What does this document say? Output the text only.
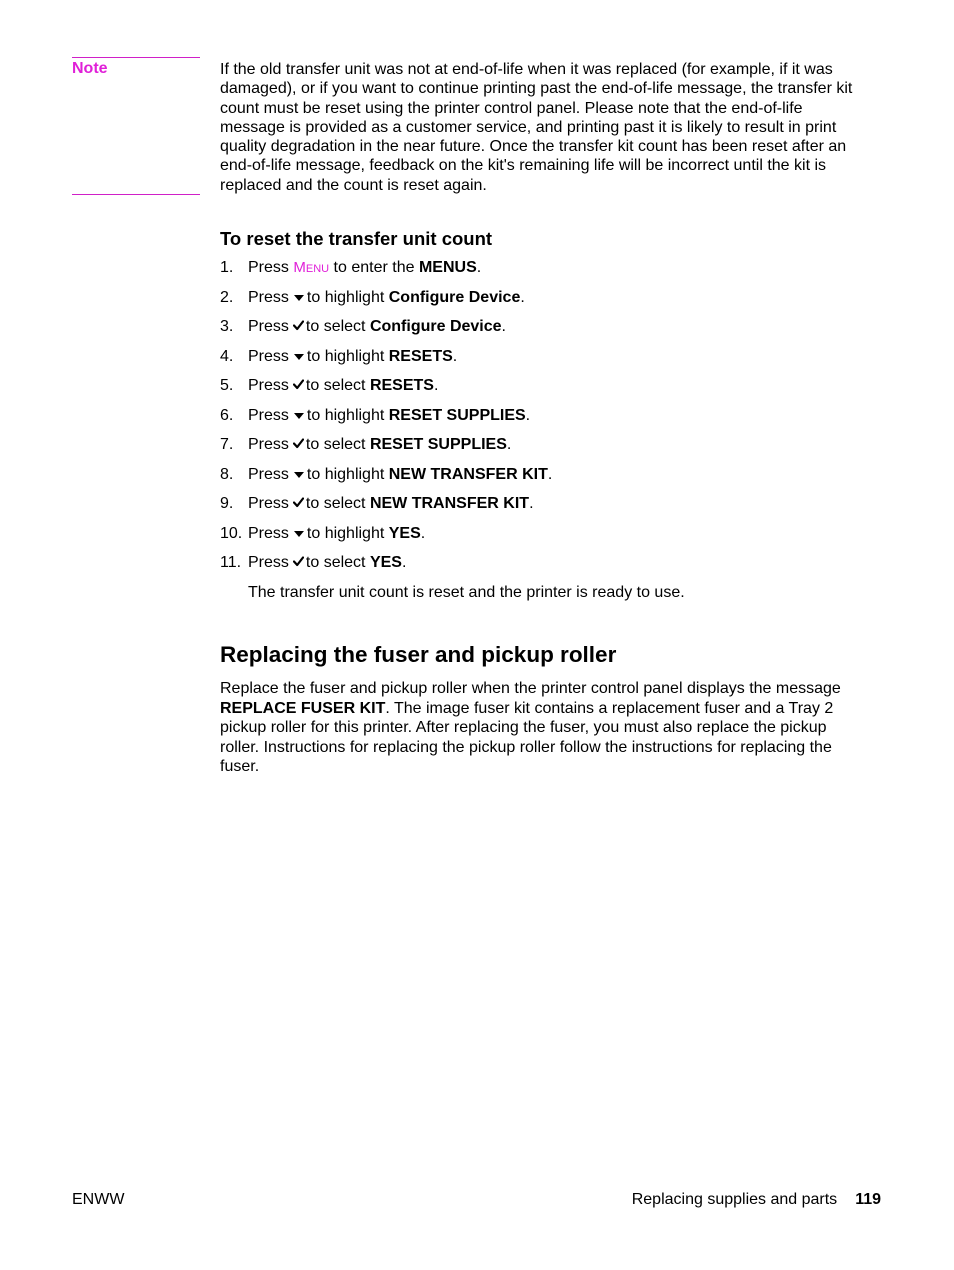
Note	If the old transfer unit was not at end-of-life when it was replaced (for example, if it was damaged), or if you want to continue printing past the end-of-life message, the transfer kit count must be reset using the printer control panel. Please note that the end-of-life message is provided as a customer service, and printing past it is likely to result in print quality degradation in the near future. Once the transfer kit count has been reset after an end-of-life message, feedback on the kit's remaining life will be incorrect until the kit is replaced and the count is reset again.
To reset the transfer unit count
1. Press Menu to enter the MENUS.
2. Press to highlight Configure Device.
3. Press to select Configure Device.
4. Press to highlight RESETS.
5. Press to select RESETS.
6. Press to highlight RESET SUPPLIES.
7. Press to select RESET SUPPLIES.
8. Press to highlight NEW TRANSFER KIT.
9. Press to select NEW TRANSFER KIT.
10. Press to highlight YES.
11. Press to select YES.
The transfer unit count is reset and the printer is ready to use.
Replacing the fuser and pickup roller
Replace the fuser and pickup roller when the printer control panel displays the message
REPLACE FUSER KIT. The image fuser kit contains a replacement fuser and a Tray 2 pickup roller for this printer. After replacing the fuser, you must also replace the pickup roller. Instructions for replacing the pickup roller follow the instructions for replacing the fuser.
ENWW	Replacing supplies and parts 119
